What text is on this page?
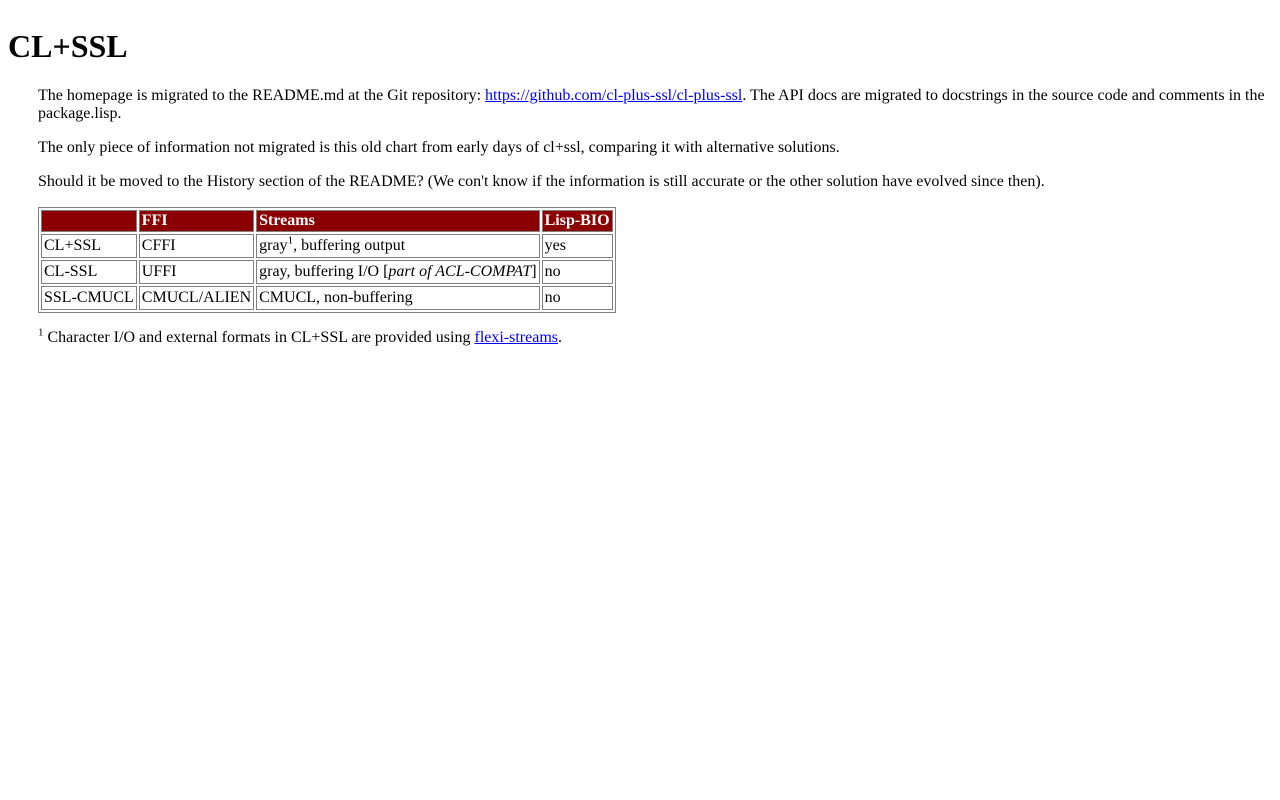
CL+SSL

The homepage is migrated to the README.md at the Git repository: https://github.com/cl-plus-ssl/cl-plus-ssl. The API docs are migrated to docstrings in the source code and comments in the package.lisp.

The only piece of information not migrated is this old chart from early days of cl+ssl, comparing it with alternative solutions.

Should it be moved to the History section of the README? (We con't know if the information is still accurate or the other solution have evolved since then).

	FFI	Streams	Lisp-BIO
CL+SSL	CFFI	gray$^1$, buffering output	yes
CL-SSL	UFFI	gray, buffering I/O [part of ACL-COMPAT]	no
SSL-CMUCL	CMUCL/ALIEN	CMUCL, non-buffering	no

$^1$ Character I/O and external formats in CL+SSL are provided using flexi-streams.
